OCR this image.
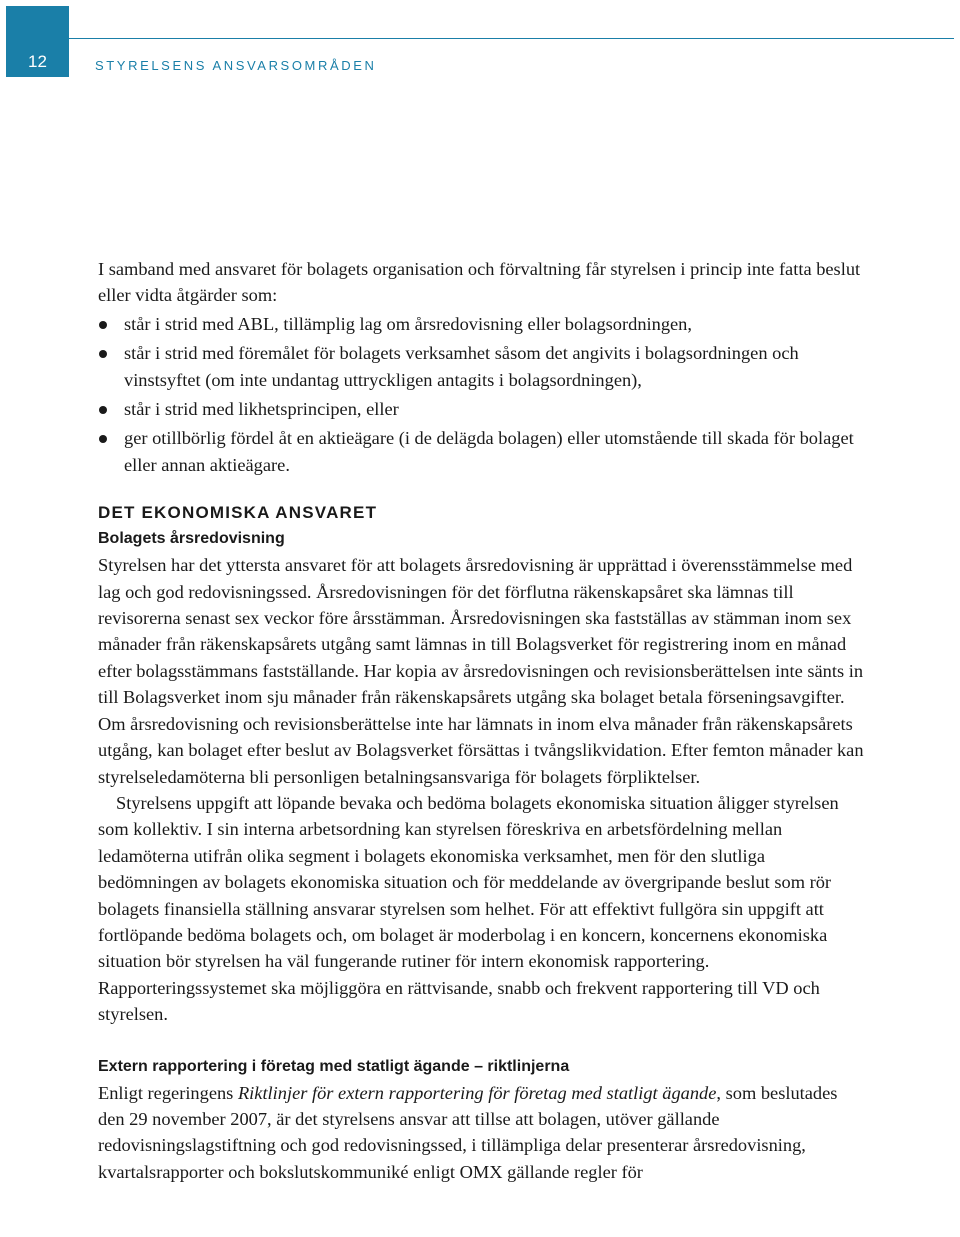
12	STYRELSENS ANSVARSOMRÅDEN

I samband med ansvaret för bolagets organisation och förvaltning får styrelsen i princip inte fatta beslut eller vidta åtgärder som:

står i strid med ABL, tillämplig lag om årsredovisning eller bolagsordningen,
står i strid med föremålet för bolagets verksamhet såsom det angivits i bolagsordningen och vinstsyftet (om inte undantag uttryckligen antagits i bolagsordningen),
står i strid med likhetsprincipen, eller
ger otillbörlig fördel åt en aktieägare (i de delägda bolagen) eller utomstående till skada för bolaget eller annan aktieägare.
DET EKONOMISKA ANSVARET
Bolagets årsredovisning

Styrelsen har det yttersta ansvaret för att bolagets årsredovisning är upprättad i överensstämmelse med lag och god redovisningssed. Årsredovisningen för det förflutna räkenskapsåret ska lämnas till revisorerna senast sex veckor före årsstämman. Årsredovisningen ska fastställas av stämman inom sex månader från räkenskapsårets utgång samt lämnas in till Bolagsverket för registrering inom en månad efter bolagsstämmans fastställande. Har kopia av årsredovisningen och revisionsberättelsen inte sänts in till Bolagsverket inom sju månader från räkenskapsårets utgång ska bolaget betala förseningsavgifter. Om årsredovisning och revisionsberättelse inte har lämnats in inom elva månader från räkenskapsårets utgång, kan bolaget efter beslut av Bolagsverket försättas i tvångslikvidation. Efter femton månader kan styrelseledamöterna bli personligen betalningsansvariga för bolagets förpliktelser.

Styrelsens uppgift att löpande bevaka och bedöma bolagets ekonomiska situation åligger styrelsen som kollektiv. I sin interna arbetsordning kan styrelsen föreskriva en arbetsfördelning mellan ledamöterna utifrån olika segment i bolagets ekonomiska verksamhet, men för den slutliga bedömningen av bolagets ekonomiska situation och för meddelande av övergripande beslut som rör bolagets finansiella ställning ansvarar styrelsen som helhet. För att effektivt fullgöra sin uppgift att fortlöpande bedöma bolagets och, om bolaget är moderbolag i en koncern, koncernens ekonomiska situation bör styrelsen ha väl fungerande rutiner för intern ekonomisk rapportering. Rapporteringssystemet ska möjliggöra en rättvisande, snabb och frekvent rapportering till VD och styrelsen.

Extern rapportering i företag med statligt ägande – riktlinjerna

Enligt regeringens Riktlinjer för extern rapportering för företag med statligt ägande, som beslutades den 29 november 2007, är det styrelsens ansvar att tillse att bolagen, utöver gällande redovisningslagstiftning och god redovisningssed, i tillämpliga delar presenterar årsredovisning, kvartalsrapporter och bokslutskommuniké enligt OMX gällande regler för
